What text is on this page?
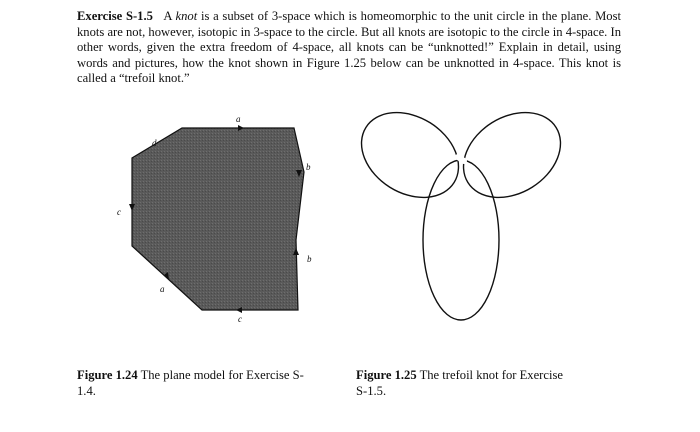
Exercise S-1.5 A knot is a subset of 3-space which is homeomorphic to the unit circle in the plane. Most knots are not, however, isotopic in 3-space to the circle. But all knots are isotopic to the circle in 4-space. In other words, given the extra freedom of 4-space, all knots can be “unknotted!” Explain in detail, using words and pictures, how the knot shown in Figure 1.25 below can be unknotted in 4-space. This knot is called a “trefoil knot.”

a
b
b
c
a
c
d

Figure 1.24 The plane model for Exercise S-1.4.

Figure 1.25 The trefoil knot for Exercise S-1.5.
